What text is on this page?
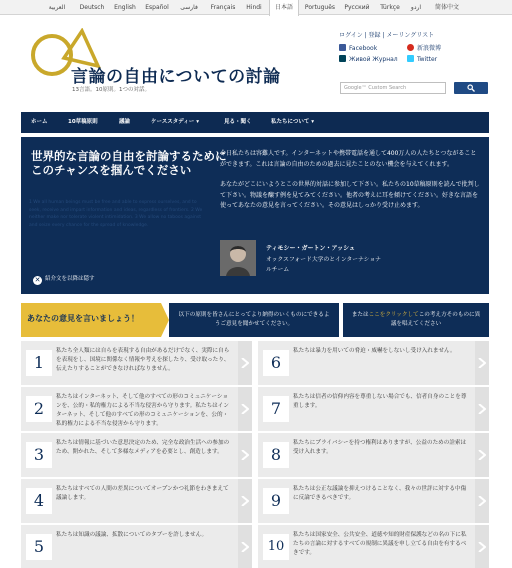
العربية	Deutsch	English	Español	فارسی	Français	Hindi	日本語	Português	Русский	Türkçe	اردو	简体中文
言論の自由についての討論
13言語。10原則。1つの対話。
ログイン | 登録 | メーリングリスト
Facebook	新浪微博
Живой Журнал	Twitter
Google™ Custom Search
ホーム	10草稿原則	議論	ケーススタディー ▾	見る・聞く	私たちについて ▾
1 We all human beings must be free and able to express ourselves, and to seek, receive and impart information and ideas, regardless of frontiers. 2 We neither make nor tolerate violent intimidation. 3 We allow no taboos against and seize every chance for the spread of knowledge.
世界的な言論の自由を討論するためにこのチャンスを掴んでください

今日私たちは容難人です。インターネットや携帯電話を通して400万人の人たちとつながることができます。これは言論の自由のための過去に見たことのない機会を与えてくれます。

あなたがどこにいようとこの世界的対話に参加して下さい。私たちの10草稿原則を読んで批判して下さい。物議を醸す例を見てみてください。他者の考えに耳を傾けてください。好きな言語を使ってあなたの意見を言ってください。その意見はしっかり受け止めます。

ティモシー・ガートン・アッシュ
オックスフォード大学のとインターナショナルチーム
✕ 紹介文を以降は隠す
あなたの意見を言いましょう！	以下の原則を皆さんにとってより納得のいくものにできるようご意見を聞かせてください。
またはここをクリックしてこの考え方そのものに異議を唱えてください
1
私たち全人類には自らを表現する自由があるだけでなく、実際に自らを表現をし、国境に関係なく情報や考えを探したり、受け取ったり、伝えたりすることができなければなりません。
2
私たちはインターネット、そして他のすべての形のコミュニケーションを、公的・私的権力による不当な侵害から守ります。私たちはインターネット、そして他のすべての形のコミュニケーションを、公的・私的権力による不当な侵害から守ります。
3
私たちは情報に基づいた意思決定のため、完全な政治生活への参加のため、開かれた、そして多様なメディアを必要とし、創造します。
4
私たちはすべての人間の差異についてオープンかつ礼節をわきまえて議論します。
5
私たちは知識の議論、拡散についてのタブーを許しません。
6
私たちは暴力を用いての脅迫・威嚇をしないし受け入れません。
7
私たちは信者の信仰内容を尊重しない場合でも、信者自身のことを尊重します。
8
私たちにプライバシーを持つ権利はありますが、公益のための詮索は受け入れます。
9
私たちは公正な議論を抑えつけることなく、我々の世評に対する中傷に反論できるべきです。
10
私たちは国家安全、公共安全、道徳や知的財産保護などの名の下に私たちの言論に対するすべての規制に異議を申し立てる自由を有するべきです。
